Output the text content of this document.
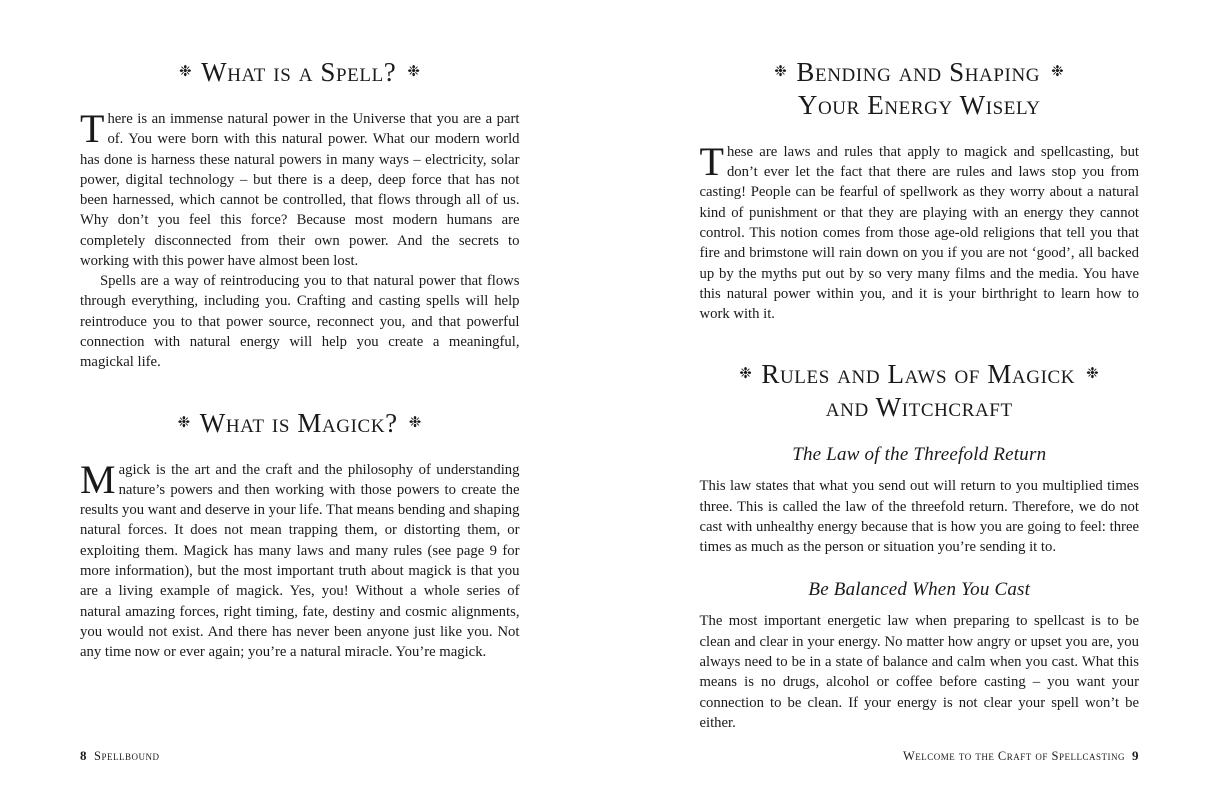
❉ What is a Spell? ❉

There is an immense natural power in the Universe that you are a part of. You were born with this natural power. What our modern world has done is harness these natural powers in many ways – electricity, solar power, digital technology – but there is a deep, deep force that has not been harnessed, which cannot be controlled, that flows through all of us. Why don’t you feel this force? Because most modern humans are completely disconnected from their own power. And the secrets to working with this power have almost been lost.

Spells are a way of reintroducing you to that natural power that flows through everything, including you. Crafting and casting spells will help reintroduce you to that power source, reconnect you, and that powerful connection with natural energy will help you create a meaningful, magickal life.

❉ What is Magick? ❉

Magick is the art and the craft and the philosophy of understanding nature’s powers and then working with those powers to create the results you want and deserve in your life. That means bending and shaping natural forces. It does not mean trapping them, or distorting them, or exploiting them. Magick has many laws and many rules (see page 9 for more information), but the most important truth about magick is that you are a living example of magick. Yes, you! Without a whole series of natural amazing forces, right timing, fate, destiny and cosmic alignments, you would not exist. And there has never been anyone just like you. Not any time now or ever again; you’re a natural miracle. You’re magick.

8 Spellbound
❉ Bending and Shaping ❉
Your Energy Wisely

These are laws and rules that apply to magick and spellcasting, but don’t ever let the fact that there are rules and laws stop you from casting! People can be fearful of spellwork as they worry about a natural kind of punishment or that they are playing with an energy they cannot control. This notion comes from those age-old religions that tell you that fire and brimstone will rain down on you if you are not ‘good’, all backed up by the myths put out by so very many films and the media. You have this natural power within you, and it is your birthright to learn how to work with it.

❉ Rules and Laws of Magick ❉
and Witchcraft
The Law of the Threefold Return

This law states that what you send out will return to you multiplied times three. This is called the law of the threefold return. Therefore, we do not cast with unhealthy energy because that is how you are going to feel: three times as much as the person or situation you’re sending it to.

Be Balanced When You Cast

The most important energetic law when preparing to spellcast is to be clean and clear in your energy. No matter how angry or upset you are, you always need to be in a state of balance and calm when you cast. What this means is no drugs, alcohol or coffee before casting – you want your connection to be clean. If your energy is not clear your spell won’t be either.

Welcome to the Craft of Spellcasting 9
